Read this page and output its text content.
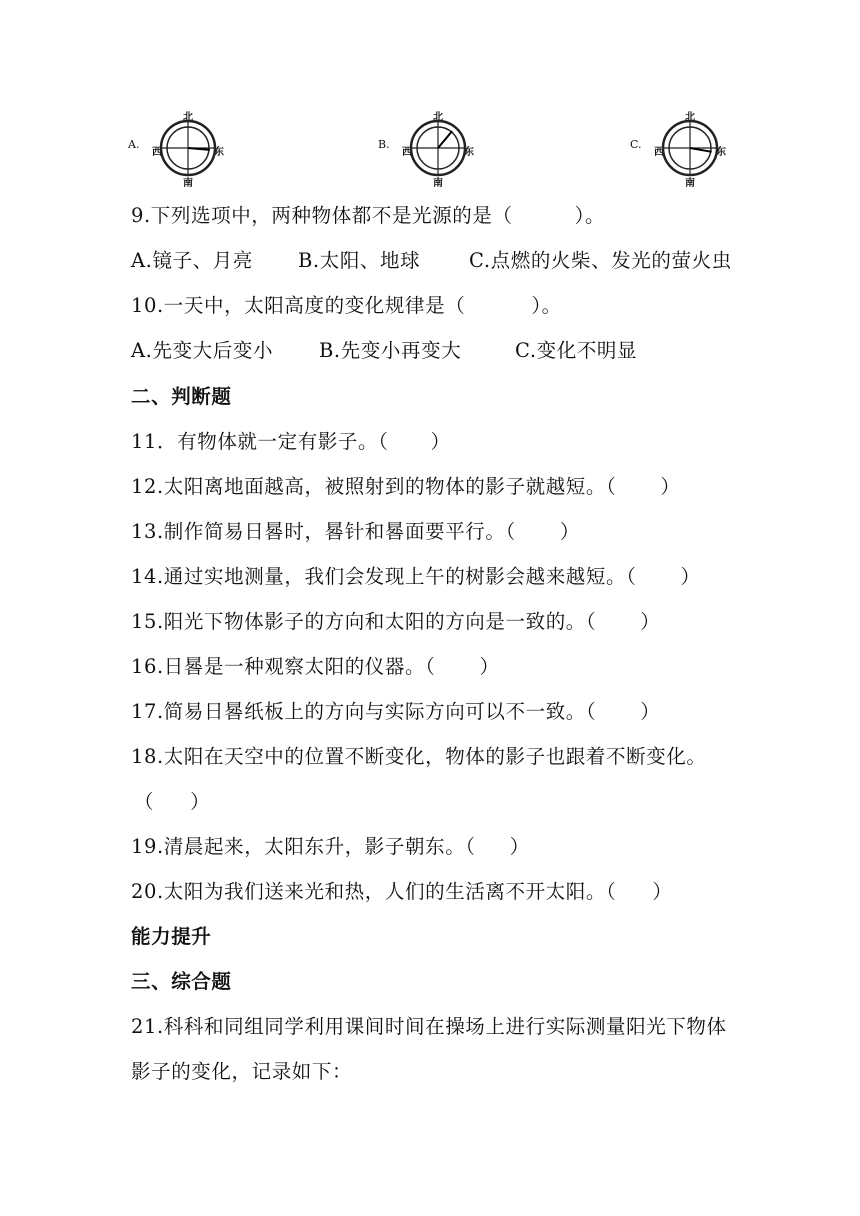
A.
北
西	东
南
B.
北
西	东
南
C.
北
西	东
南
9.下列选项中，两种物体都不是光源的是（	）。
A.镜子、月亮 B.太阳、地球	C.点燃的火柴、发光的萤火虫
10.一天中，太阳高度的变化规律是（	）。
A.先变大后变小 B.先变小再变大	C.变化不明显
二、判断题
11．有物体就一定有影子。（ ）
12.太阳离地面越高，被照射到的物体的影子就越短。（ ）
13.制作简易日晷时，晷针和晷面要平行。（ ）
14.通过实地测量，我们会发现上午的树影会越来越短。（ ）
15.阳光下物体影子的方向和太阳的方向是一致的。（ ）
16.日晷是一种观察太阳的仪器。（ ）
17.简易日晷纸板上的方向与实际方向可以不一致。（ ）
18.太阳在天空中的位置不断变化，物体的影子也跟着不断变化。
（ ）
19.清晨起来，太阳东升，影子朝东。（ ）
20.太阳为我们送来光和热，人们的生活离不开太阳。（ ）
能力提升
三、综合题
21.科科和同组同学利用课间时间在操场上进行实际测量阳光下物体
影子的变化，记录如下：
